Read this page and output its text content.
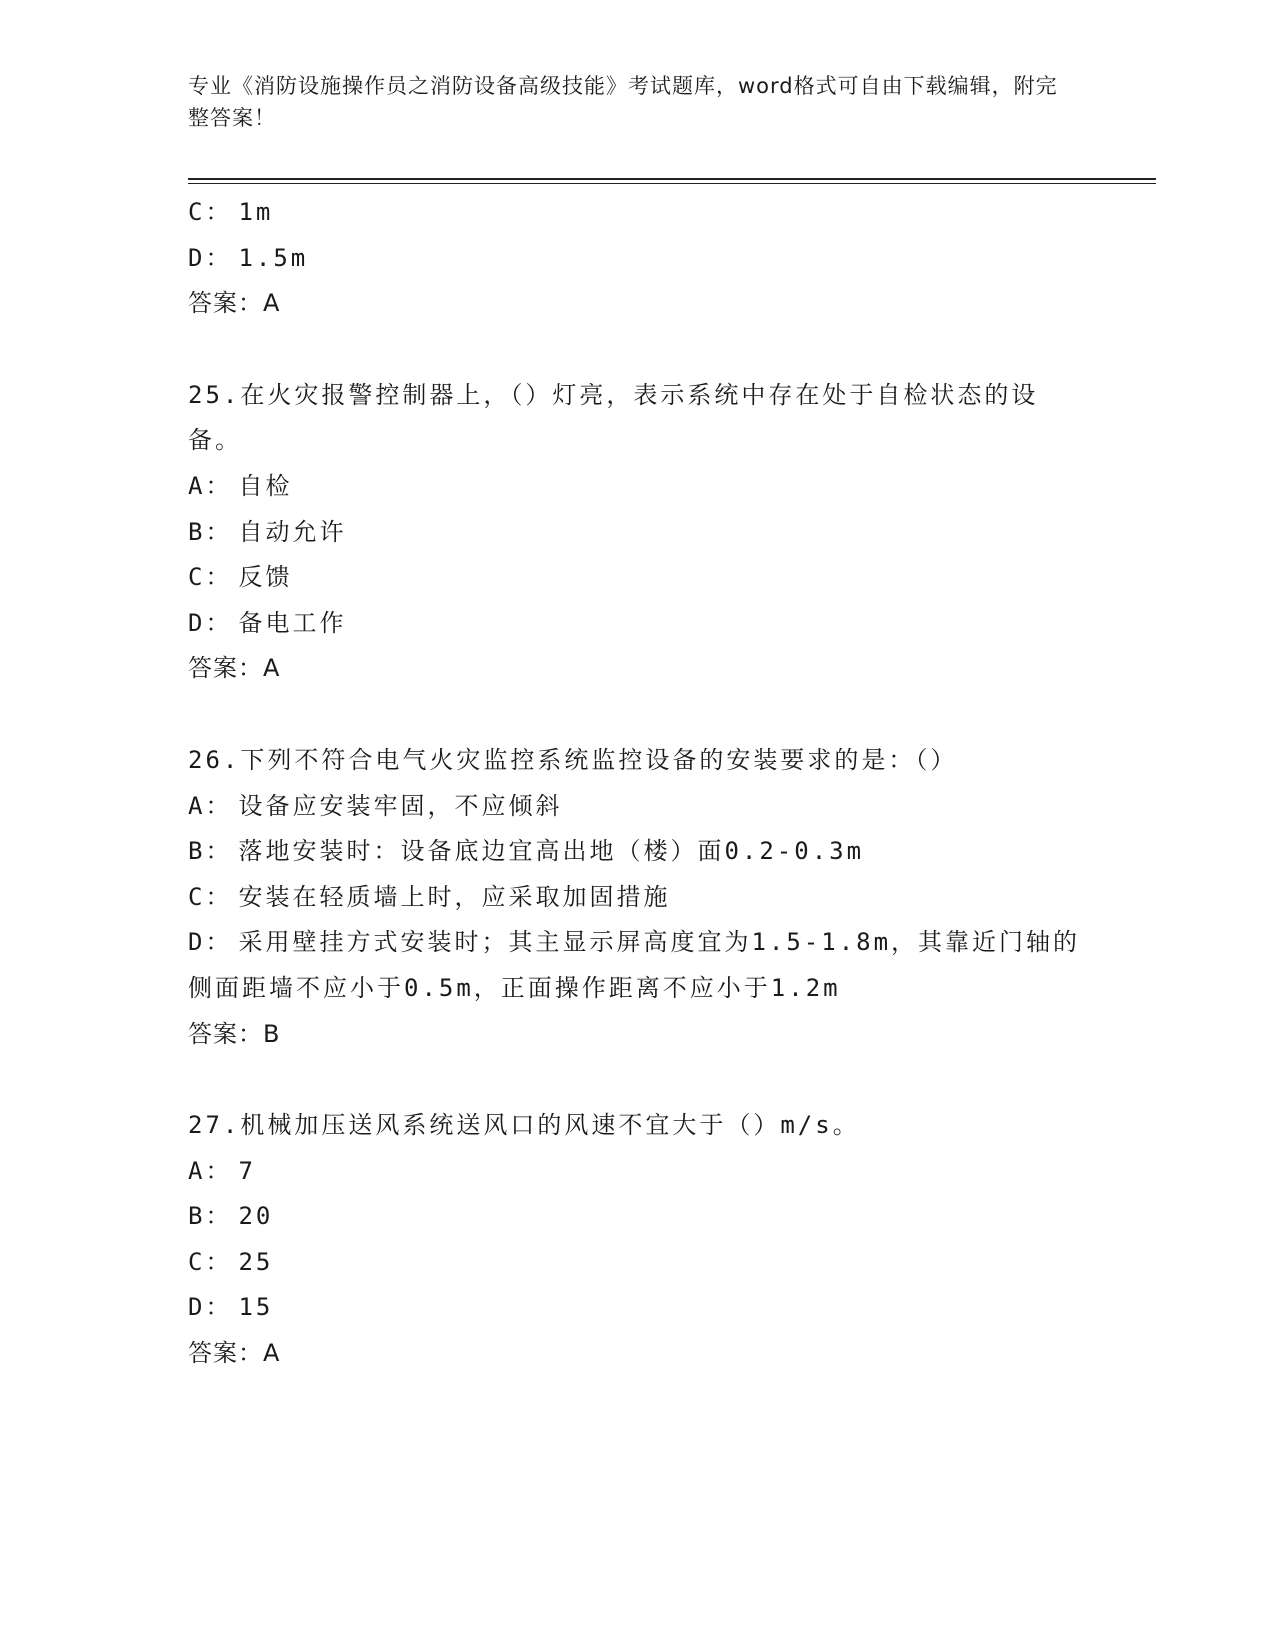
专业《消防设施操作员之消防设备高级技能》考试题库，word格式可自由下载编辑，附完整答案！
C： 1m
D： 1.5m
答案：A
25.在火灾报警控制器上，（）灯亮，表示系统中存在处于自检状态的设备。
A： 自检
B： 自动允许
C： 反馈
D： 备电工作
答案：A
26.下列不符合电气火灾监控系统监控设备的安装要求的是：（）
A： 设备应安装牢固，不应倾斜
B： 落地安装时：设备底边宜高出地（楼）面0.2-0.3m
C： 安装在轻质墙上时，应采取加固措施
D： 采用壁挂方式安装时；其主显示屏高度宜为1.5-1.8m，其靠近门轴的侧面距墙不应小于0.5m，正面操作距离不应小于1.2m
答案：B
27.机械加压送风系统送风口的风速不宜大于（）m/s。
A： 7
B： 20
C： 25
D： 15
答案：A
